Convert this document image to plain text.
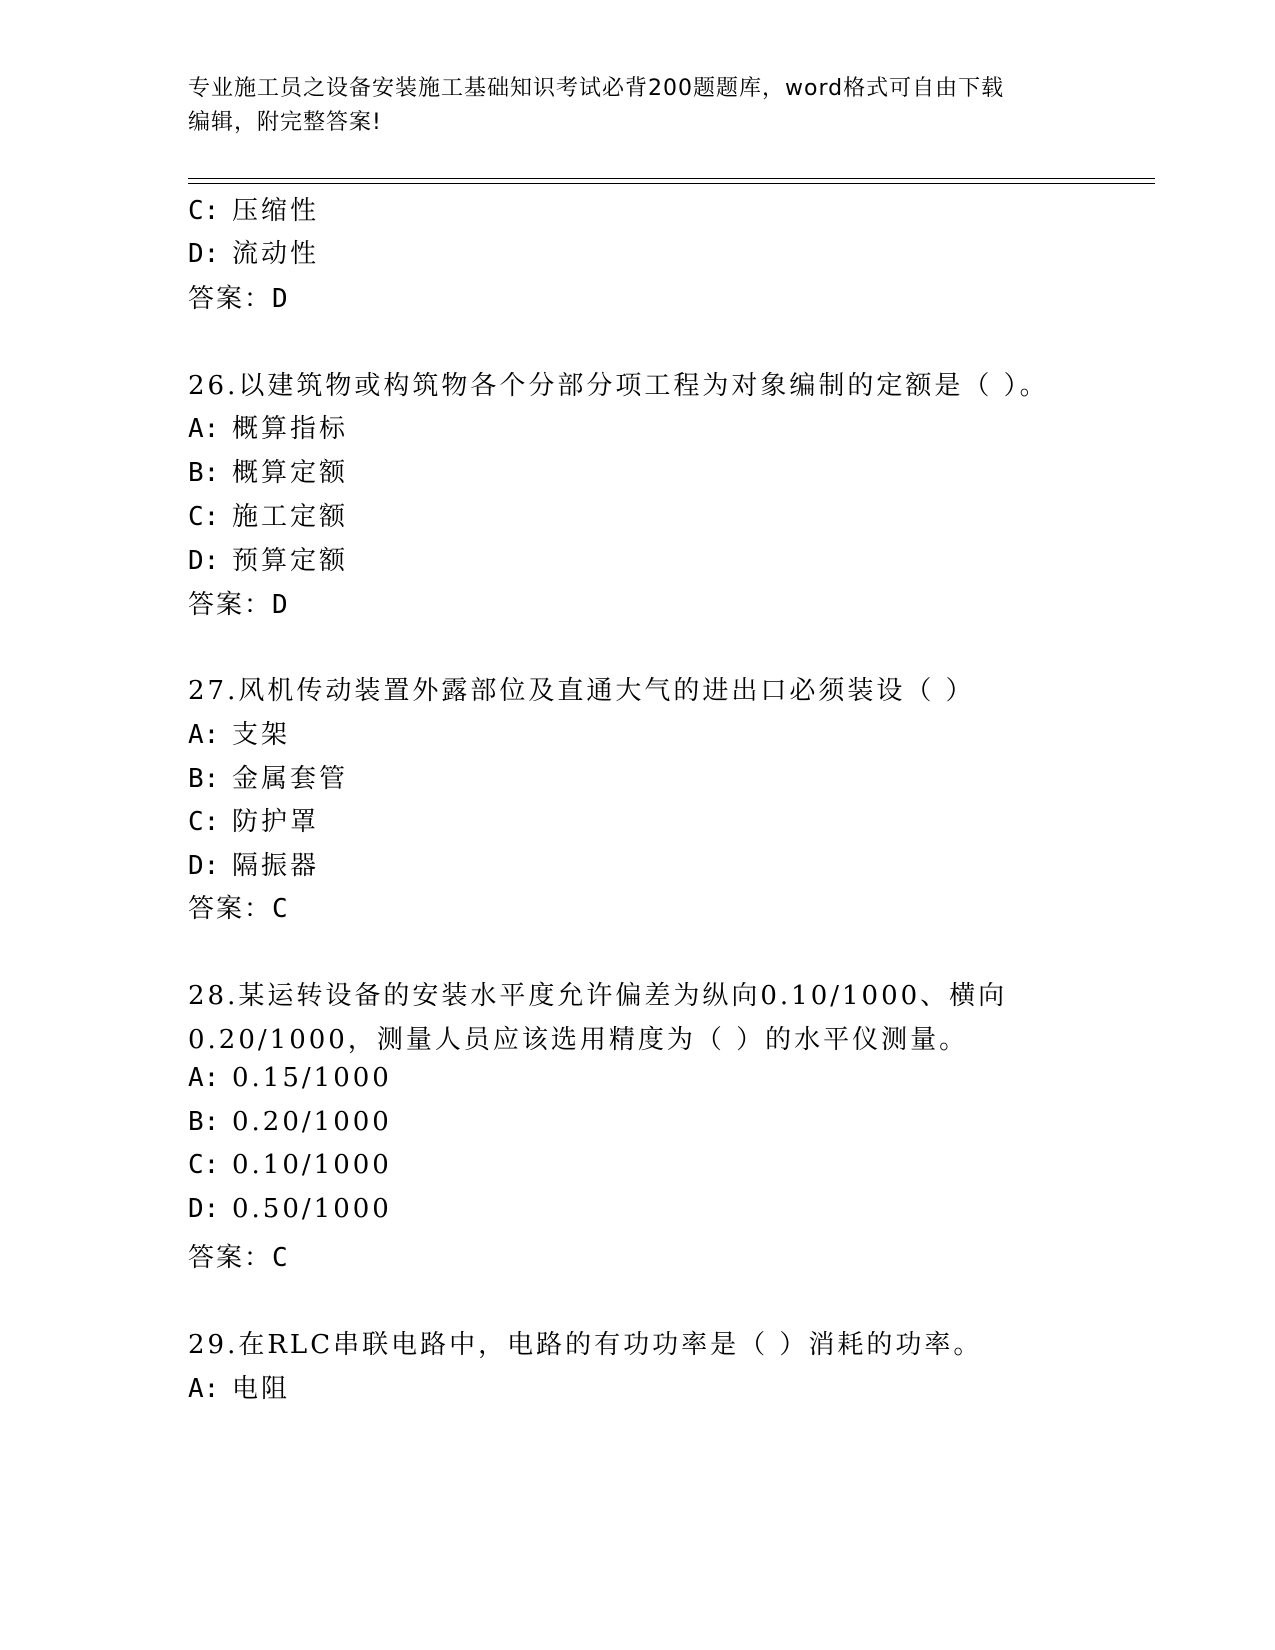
专业施工员之设备安装施工基础知识考试必背200题题库，word格式可自由下载
编辑，附完整答案!
C: 压缩性
D: 流动性
答案：D
26.以建筑物或构筑物各个分部分项工程为对象编制的定额是（ ）。
A: 概算指标
B: 概算定额
C: 施工定额
D: 预算定额
答案：D
27.风机传动装置外露部位及直通大气的进出口必须装设（ ）
A: 支架
B: 金属套管
C: 防护罩
D: 隔振器
答案：C
28.某运转设备的安装水平度允许偏差为纵向0.10/1000、横向
0.20/1000，测量人员应该选用精度为（ ）的水平仪测量。
A: 0.15/1000
B: 0.20/1000
C: 0.10/1000
D: 0.50/1000
答案：C
29.在RLC串联电路中，电路的有功功率是（ ）消耗的功率。
A: 电阻
